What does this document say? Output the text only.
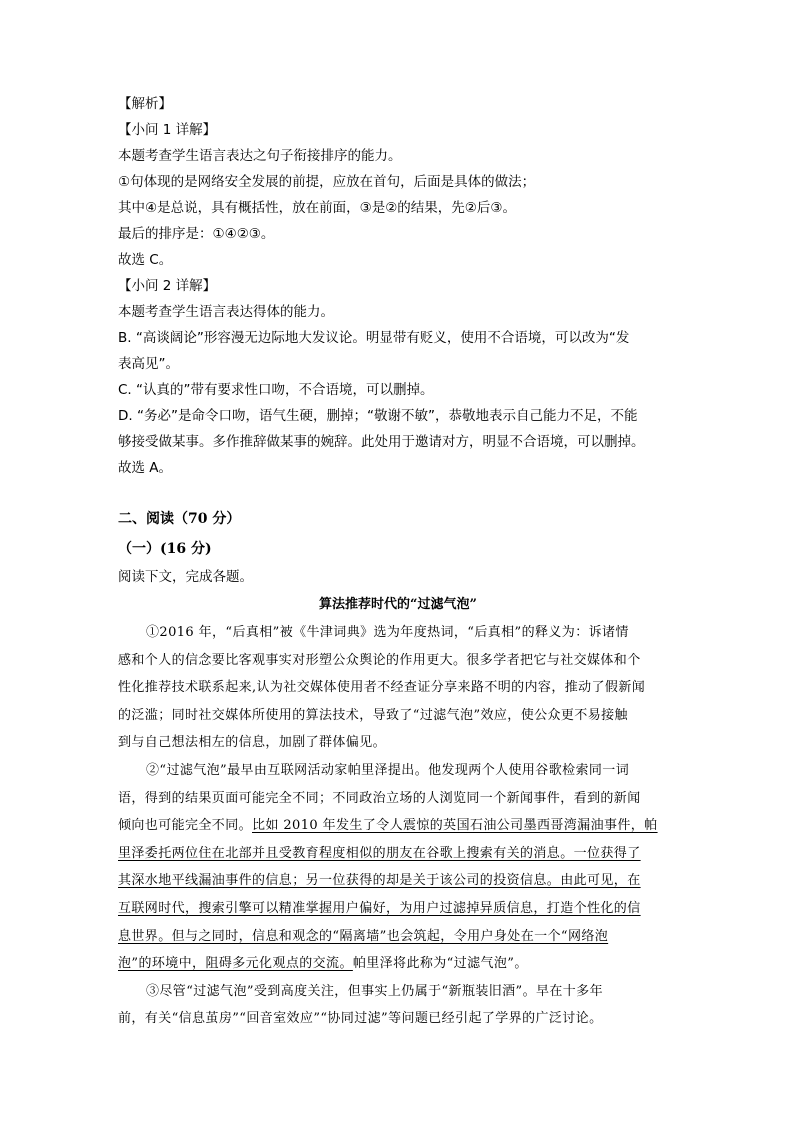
【解析】
【小问 1 详解】
本题考查学生语言表达之句子衔接排序的能力。
①句体现的是网络安全发展的前提，应放在首句，后面是具体的做法；
其中④是总说，具有概括性，放在前面，③是②的结果，先②后③。
最后的排序是：①④②③。
故选 C。
【小问 2 详解】
本题考查学生语言表达得体的能力。
B. “高谈阔论”形容漫无边际地大发议论。明显带有贬义，使用不合语境，可以改为“发
表高见”。
C. “认真的”带有要求性口吻，不合语境，可以删掉。
D. “务必”是命令口吻，语气生硬，删掉；“敬谢不敏”，恭敬地表示自己能力不足，不能
够接受做某事。多作推辞做某事的婉辞。此处用于邀请对方，明显不合语境，可以删掉。
故选 A。
二、阅读（70 分）
（一）(16 分)
阅读下文，完成各题。
算法推荐时代的“过滤气泡”
①2016 年，“后真相”被《牛津词典》选为年度热词，“后真相”的释义为：诉诸情
感和个人的信念要比客观事实对形塑公众舆论的作用更大。很多学者把它与社交媒体和个
性化推荐技术联系起来,认为社交媒体使用者不经查证分享来路不明的内容，推动了假新闻
的泛滥；同时社交媒体所使用的算法技术，导致了“过滤气泡”效应，使公众更不易接触
到与自己想法相左的信息，加剧了群体偏见。
②“过滤气泡”最早由互联网活动家帕里泽提出。他发现两个人使用谷歌检索同一词
语，得到的结果页面可能完全不同；不同政治立场的人浏览同一个新闻事件，看到的新闻
倾向也可能完全不同。比如 2010 年发生了令人震惊的英国石油公司墨西哥湾漏油事件，帕
里泽委托两位住在北部并且受教育程度相似的朋友在谷歌上搜索有关的消息。一位获得了
其深水地平线漏油事件的信息；另一位获得的却是关于该公司的投资信息。由此可见，在
互联网时代，搜索引擎可以精准掌握用户偏好，为用户过滤掉异质信息，打造个性化的信
息世界。但与之同时，信息和观念的“隔离墙”也会筑起，令用户身处在一个“网络泡
泡”的环境中，阻碍多元化观点的交流。帕里泽将此称为“过滤气泡”。
③尽管“过滤气泡”受到高度关注，但事实上仍属于“新瓶装旧酒”。早在十多年
前，有关“信息茧房”“回音室效应”“协同过滤”等问题已经引起了学界的广泛讨论。
